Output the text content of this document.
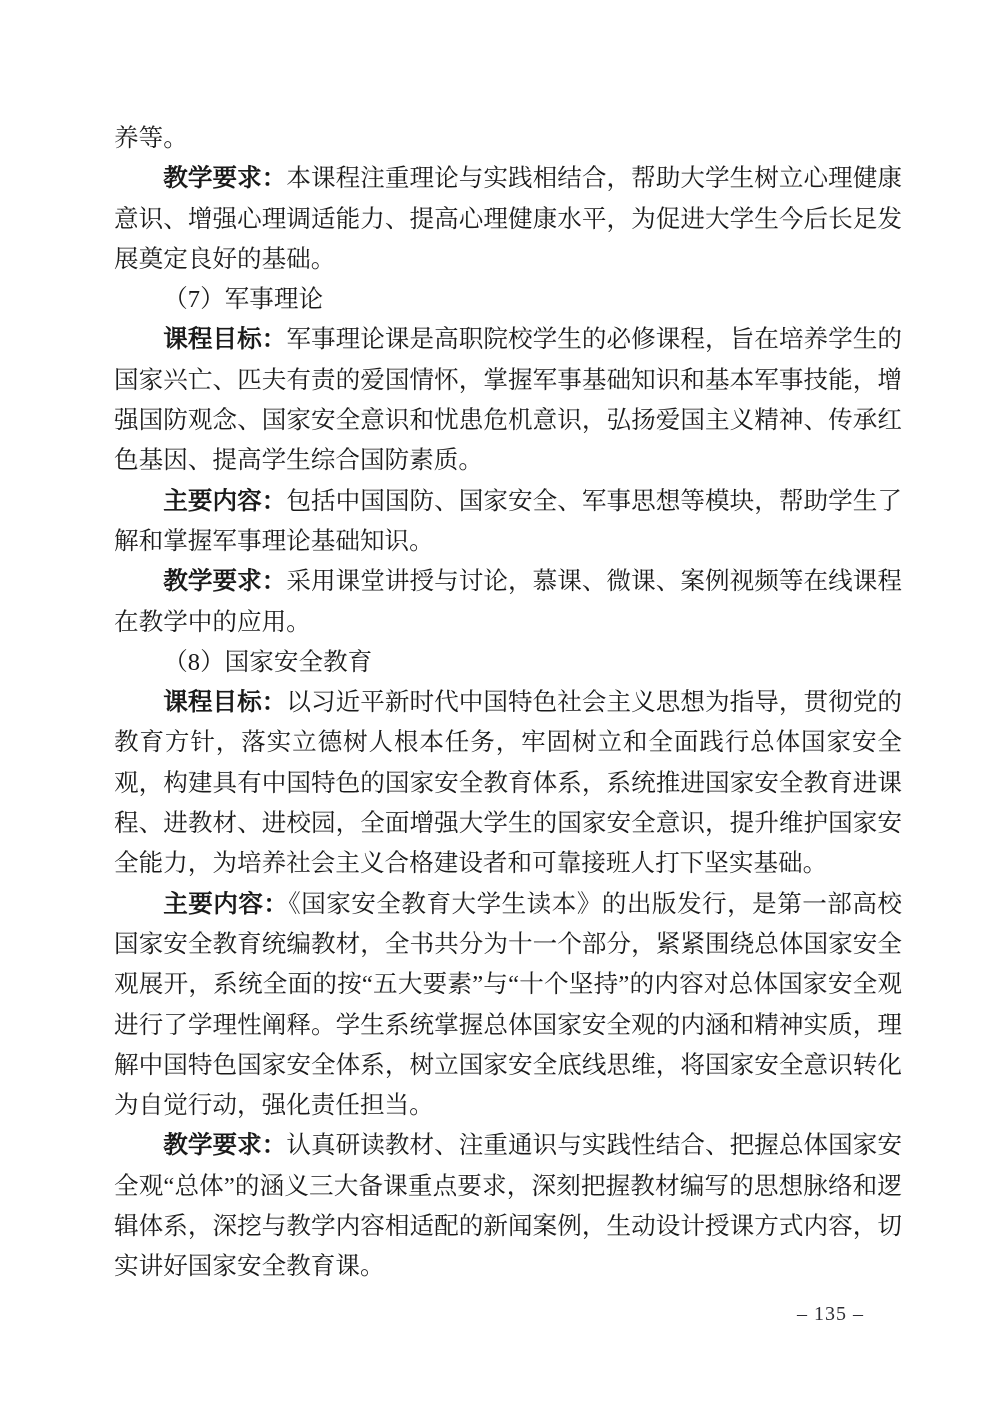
养等。

教学要求：本课程注重理论与实践相结合，帮助大学生树立心理健康意识、增强心理调适能力、提高心理健康水平，为促进大学生今后长足发展奠定良好的基础。

（7）军事理论

课程目标：军事理论课是高职院校学生的必修课程，旨在培养学生的国家兴亡、匹夫有责的爱国情怀，掌握军事基础知识和基本军事技能，增强国防观念、国家安全意识和忧患危机意识，弘扬爱国主义精神、传承红色基因、提高学生综合国防素质。

主要内容：包括中国国防、国家安全、军事思想等模块，帮助学生了解和掌握军事理论基础知识。

教学要求：采用课堂讲授与讨论，慕课、微课、案例视频等在线课程在教学中的应用。

（8）国家安全教育

课程目标：以习近平新时代中国特色社会主义思想为指导，贯彻党的教育方针，落实立德树人根本任务，牢固树立和全面践行总体国家安全观，构建具有中国特色的国家安全教育体系，系统推进国家安全教育进课程、进教材、进校园，全面增强大学生的国家安全意识，提升维护国家安全能力，为培养社会主义合格建设者和可靠接班人打下坚实基础。

主要内容：《国家安全教育大学生读本》的出版发行，是第一部高校国家安全教育统编教材，全书共分为十一个部分，紧紧围绕总体国家安全观展开，系统全面的按“五大要素”与“十个坚持”的内容对总体国家安全观进行了学理性阐释。学生系统掌握总体国家安全观的内涵和精神实质，理解中国特色国家安全体系，树立国家安全底线思维，将国家安全意识转化为自觉行动，强化责任担当。

教学要求：认真研读教材、注重通识与实践性结合、把握总体国家安全观“总体”的涵义三大备课重点要求，深刻把握教材编写的思想脉络和逻辑体系，深挖与教学内容相适配的新闻案例，生动设计授课方式内容，切实讲好国家安全教育课。

– 135 –
